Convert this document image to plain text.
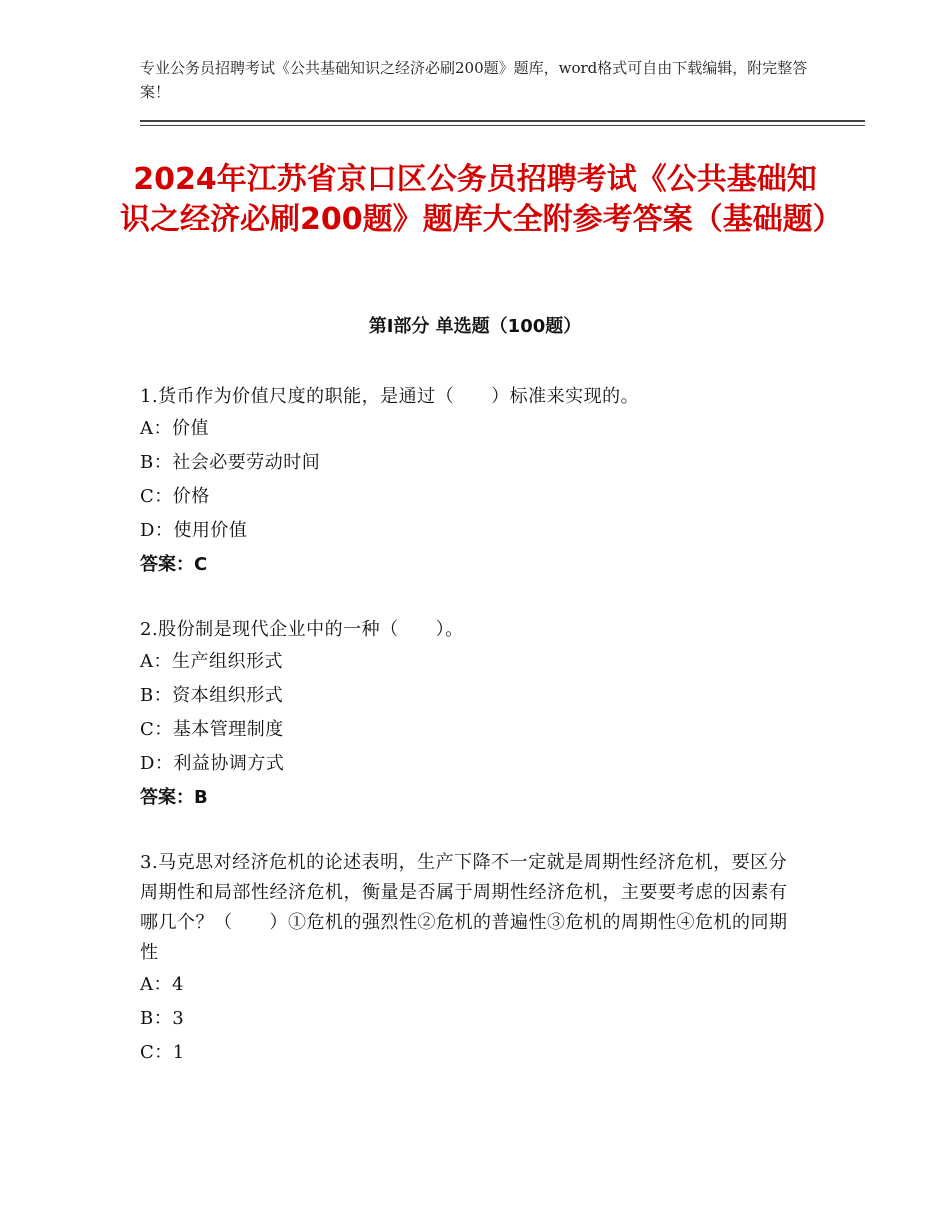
专业公务员招聘考试《公共基础知识之经济必刷200题》题库，word格式可自由下载编辑，附完整答案！
2024年江苏省京口区公务员招聘考试《公共基础知识之经济必刷200题》题库大全附参考答案（基础题）
第Ⅰ部分 单选题（100题）
1.货币作为价值尺度的职能，是通过（　　）标准来实现的。
A：价值
B：社会必要劳动时间
C：价格
D：使用价值
答案：C
2.股份制是现代企业中的一种（　　）。
A：生产组织形式
B：资本组织形式
C：基本管理制度
D：利益协调方式
答案：B
3.马克思对经济危机的论述表明，生产下降不一定就是周期性经济危机，要区分周期性和局部性经济危机，衡量是否属于周期性经济危机，主要要考虑的因素有哪几个？（　　）①危机的强烈性②危机的普遍性③危机的周期性④危机的同期性
A：4
B：3
C：1
